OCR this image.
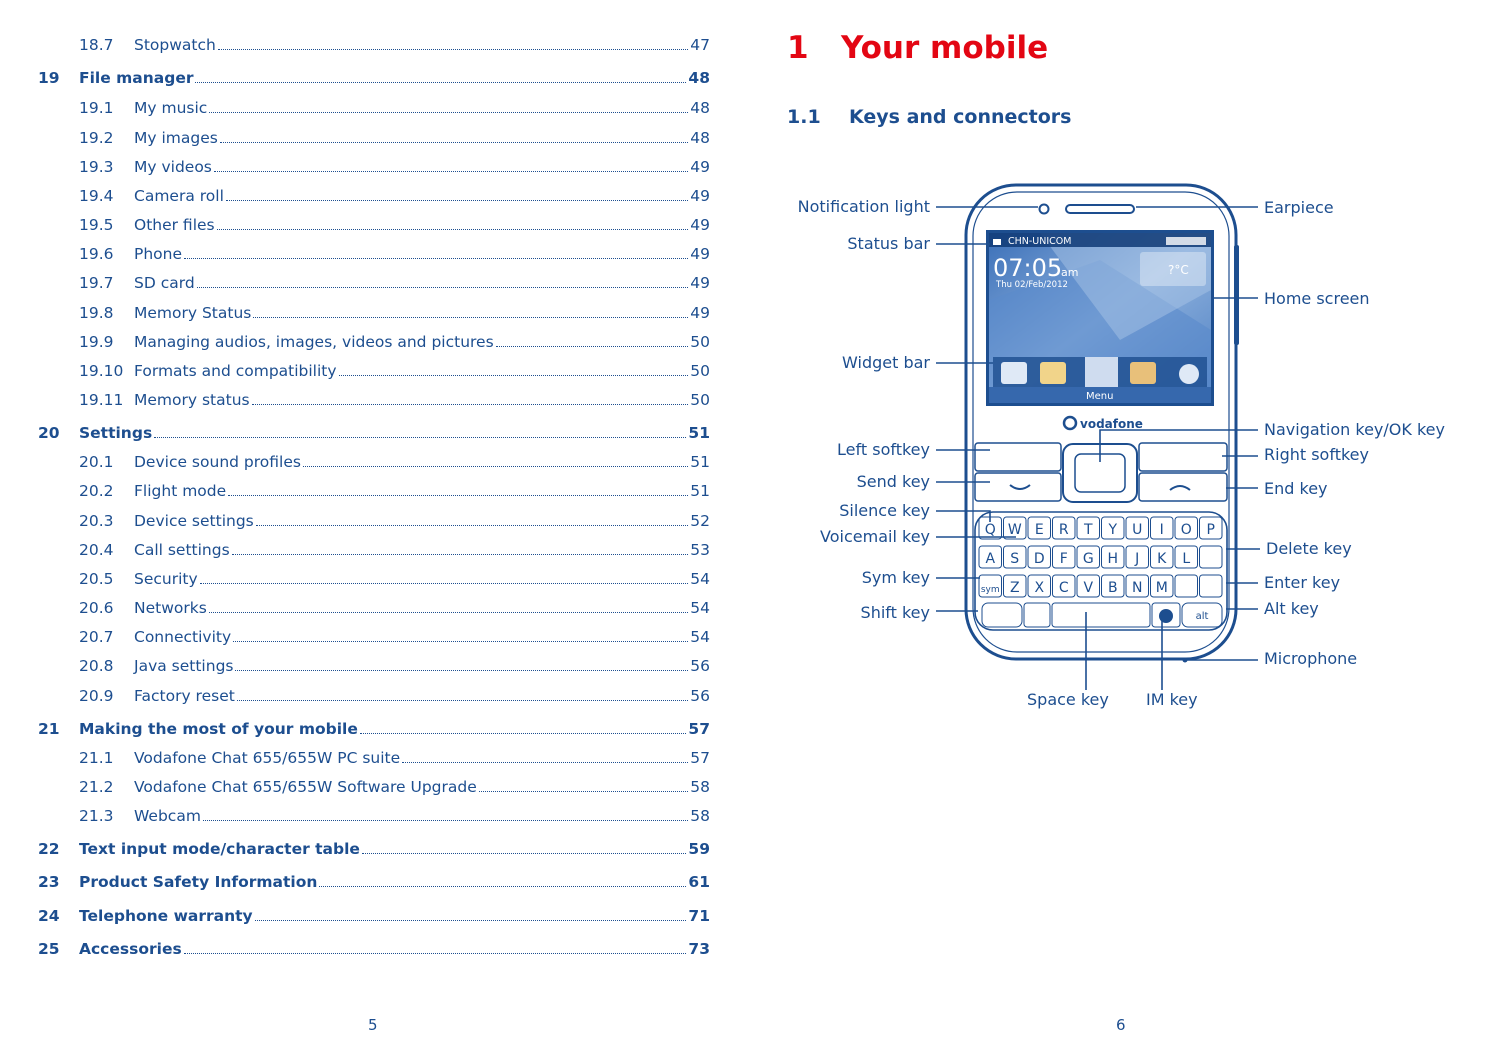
18.7	Stopwatch	47
19	File manager	48
19.1	My music	48
19.2	My images	48
19.3	My videos	49
19.4	Camera roll	49
19.5	Other files	49
19.6	Phone	49
19.7	SD card	49
19.8	Memory Status	49
19.9	Managing audios, images, videos and pictures	50
19.10 Formats and compatibility	50
19.11 Memory status	50
20	Settings	51
20.1	Device sound profiles	51
20.2	Flight mode	51
20.3	Device settings	52
20.4	Call settings	53
20.5	Security	54
20.6	Networks	54
20.7	Connectivity	54
20.8	Java settings	56
20.9	Factory reset	56
21	Making the most of your mobile	57
21.1	Vodafone Chat 655/655W PC suite	57
21.2	Vodafone Chat 655/655W Software Upgrade	58
21.3	Webcam	58
22	Text input mode/character table	59
23	Product Safety Information	61
24	Telephone warranty	71
25	Accessories	73
5	6
1 Your mobile
1.1 Keys and connectors
CHN-UNICOM
07:05
am
Thu 02/Feb/2012
?°C
Menu
vodafone
Q W E R T Y U I O P
A S D F G H J K L
sym Z X C V B N M
alt
Notification light
Status bar
Widget bar
Left softkey
Send key
Silence key
Voicemail key
Sym key
Shift key
Earpiece
Home screen
Navigation key/OK key
Right softkey
End key
Delete key
Enter key
Alt key
Microphone
Space key IM key
